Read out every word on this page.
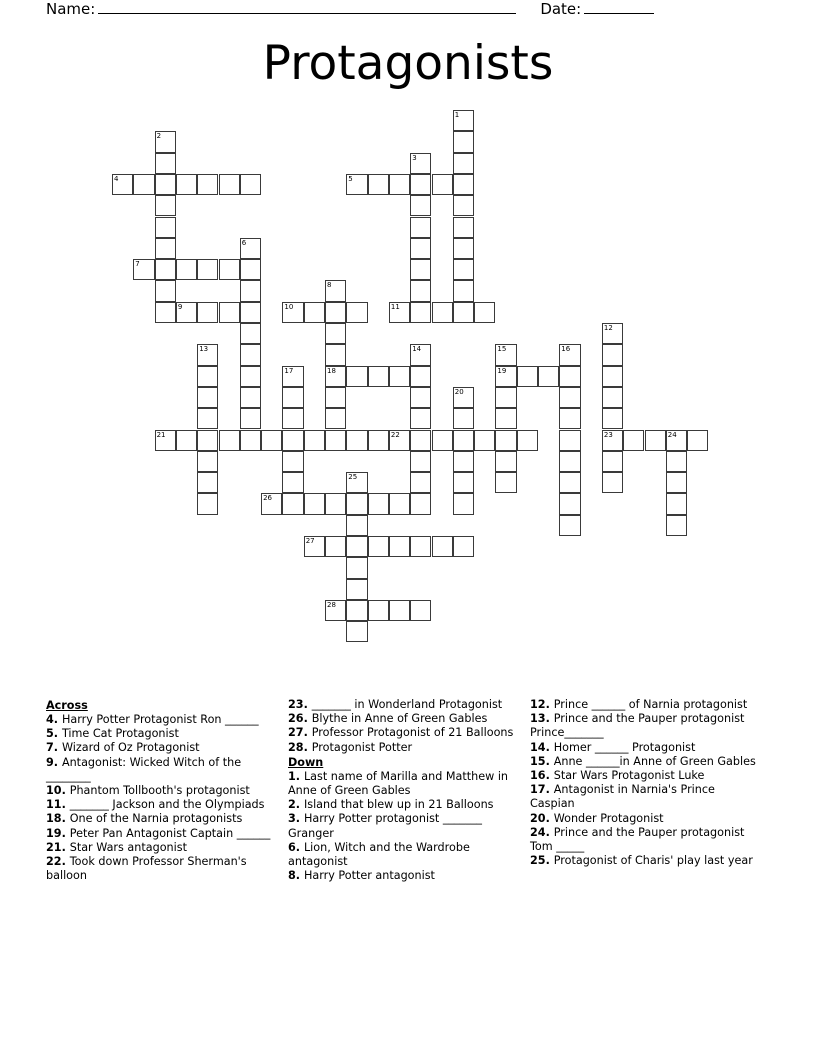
Name:	Date:
Protagonists
1
2
3
4	5
6
7
8
18
9	10	11
12
23
13	14	15
19
16
17
20
21	22	24
25
26
27
28
Across
4. Harry Potter Protagonist Ron ______
5. Time Cat Protagonist
7. Wizard of Oz Protagonist
9. Antagonist: Wicked Witch of the ________
10. Phantom Tollbooth's protagonist
11. _______ Jackson and the Olympiads
18. One of the Narnia protagonists
19. Peter Pan Antagonist Captain ______
21. Star Wars antagonist
22. Took down Professor Sherman's balloon
23. _______ in Wonderland Protagonist
26. Blythe in Anne of Green Gables
27. Professor Protagonist of 21 Balloons
28. Protagonist Potter
Down
1. Last name of Marilla and Matthew in Anne of Green Gables
2. Island that blew up in 21 Balloons
3. Harry Potter protagonist _______ Granger
6. Lion, Witch and the Wardrobe antagonist
8. Harry Potter antagonist
12. Prince ______ of Narnia protagonist
13. Prince and the Pauper protagonist Prince_______
14. Homer ______ Protagonist
15. Anne ______in Anne of Green Gables
16. Star Wars Protagonist Luke
17. Antagonist in Narnia's Prince Caspian
20. Wonder Protagonist
24. Prince and the Pauper protagonist Tom _____
25. Protagonist of Charis' play last year
